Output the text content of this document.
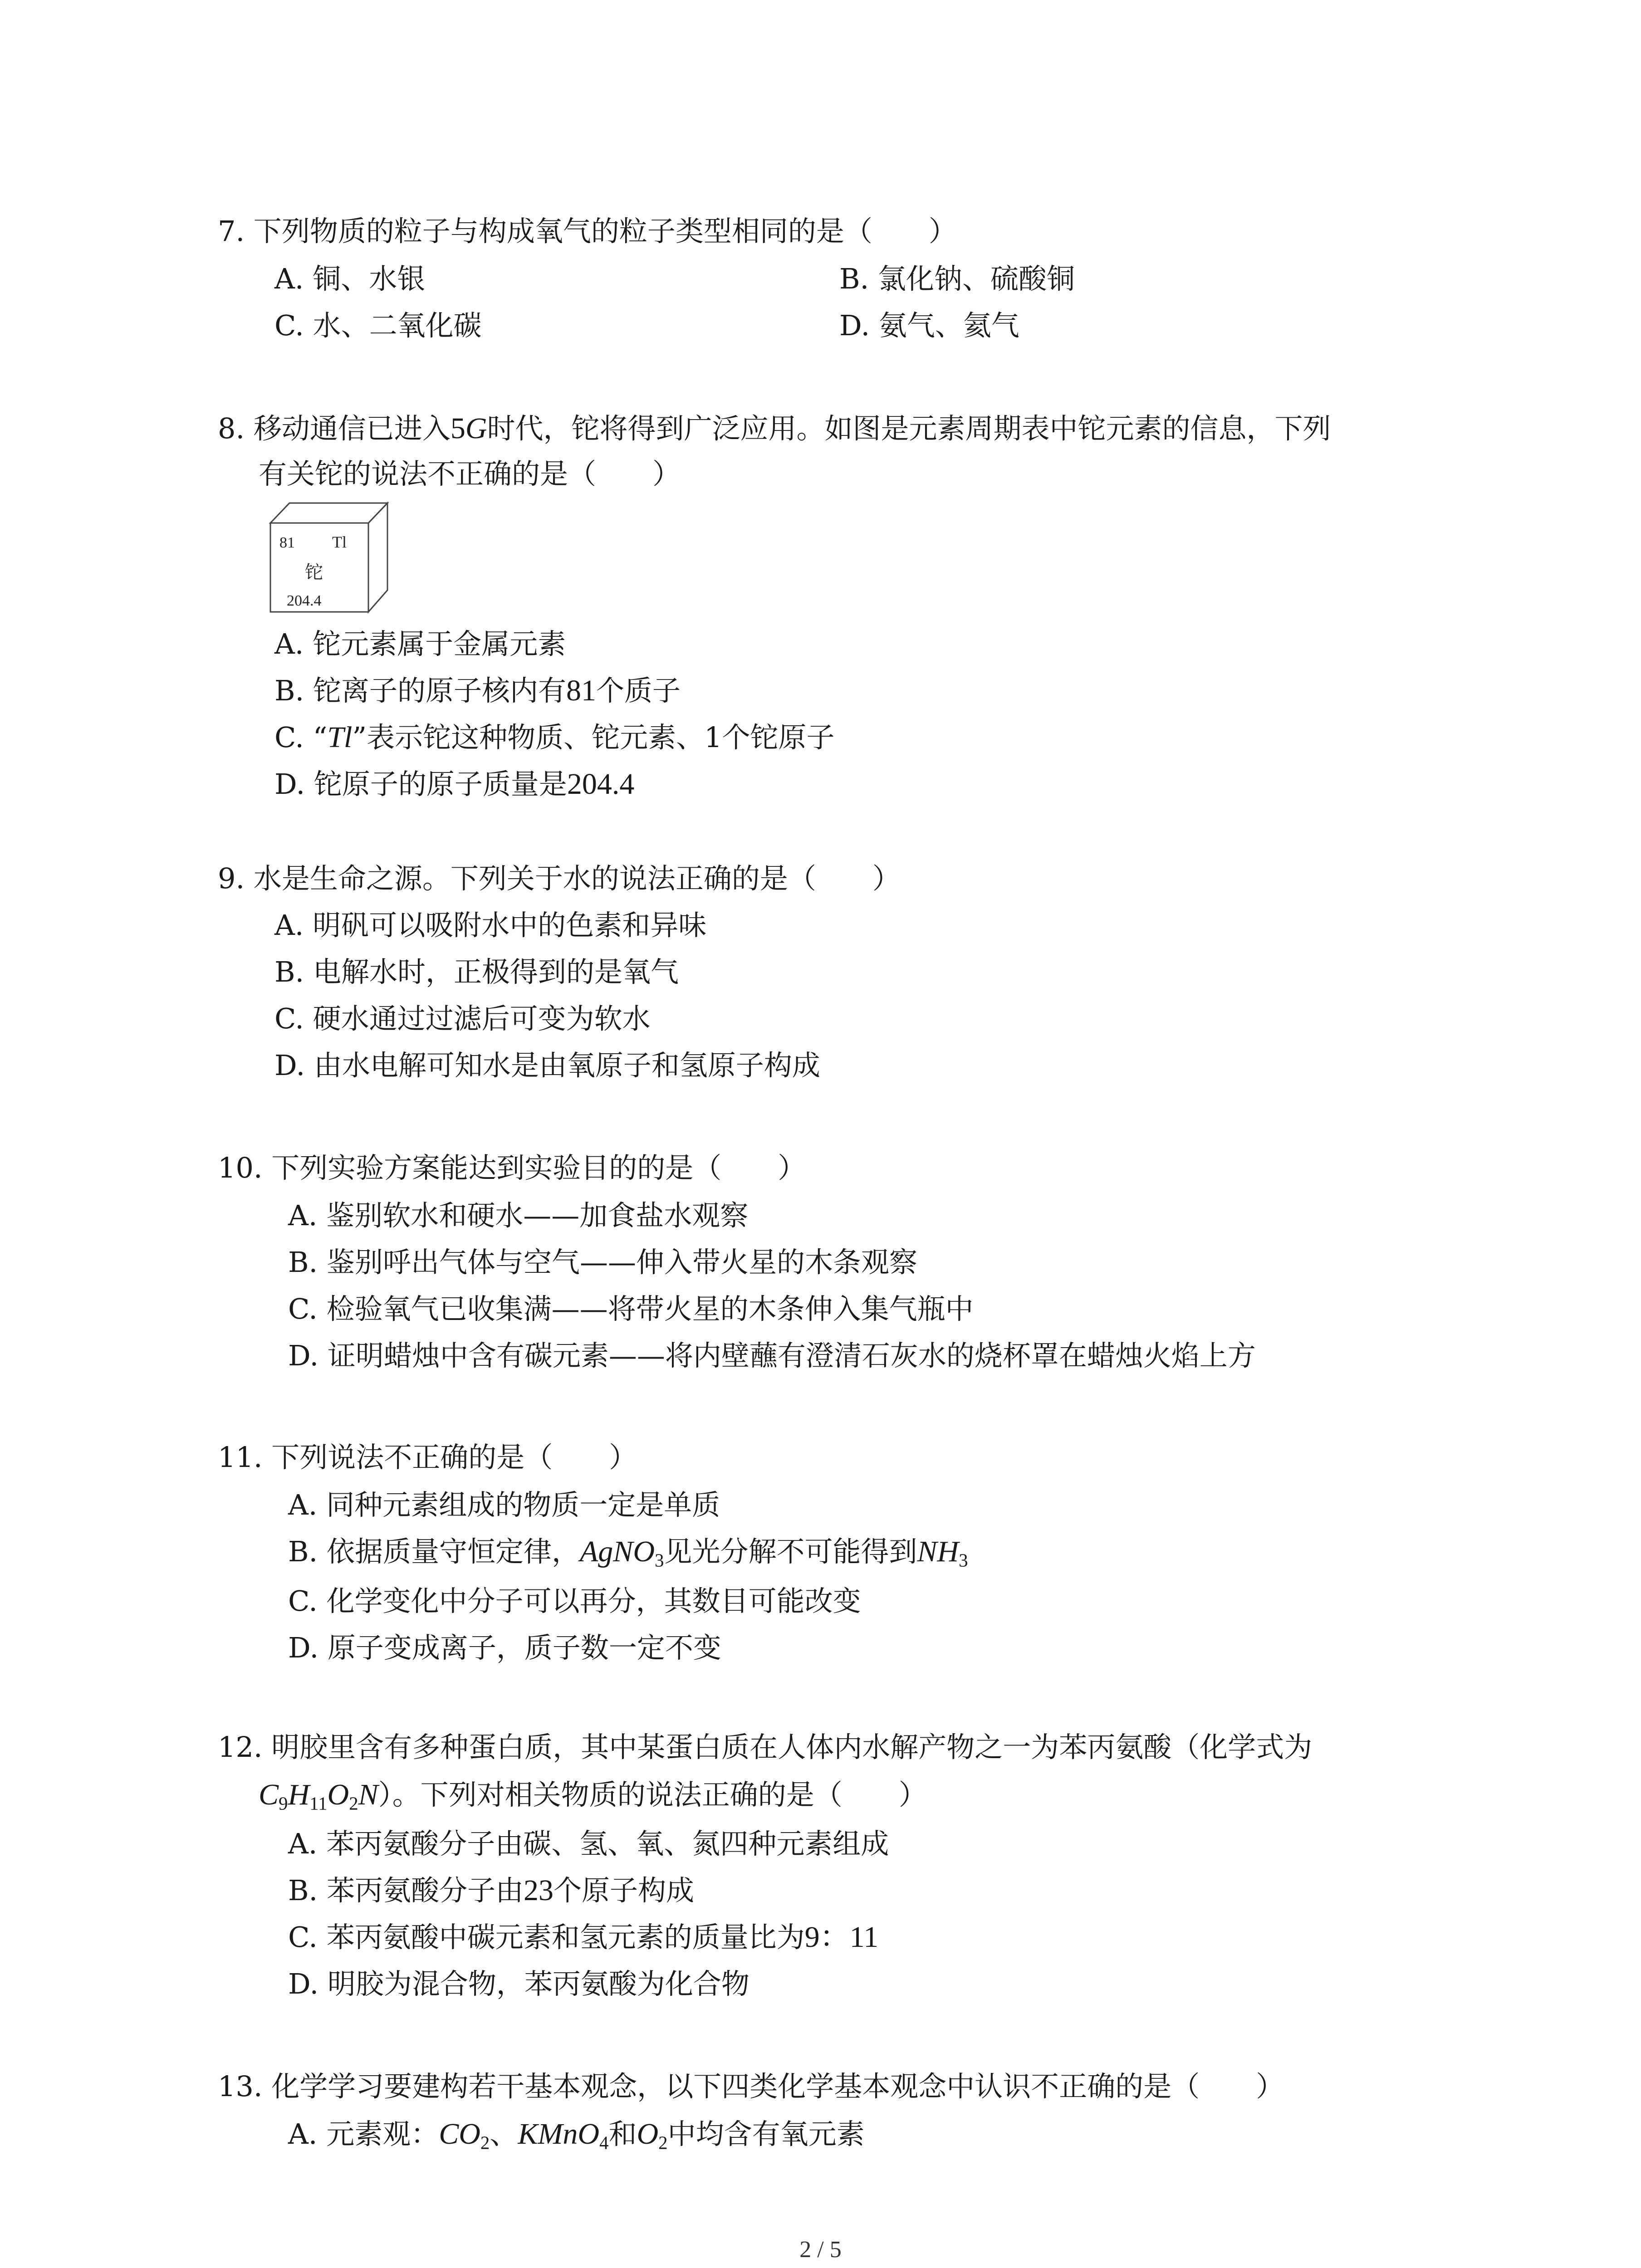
7. 下列物质的粒子与构成氧气的粒子类型相同的是（　　）
A. 铜、水银	B. 氯化钠、硫酸铜
C. 水、二氧化碳	D. 氨气、氦气
8. 移动通信已进入5G时代，铊将得到广泛应用。如图是元素周期表中铊元素的信息，下列
有关铊的说法不正确的是（　　）
81 Tl
铊
204.4
A. 铊元素属于金属元素
B. 铊离子的原子核内有81个质子
C. “Tl”表示铊这种物质、铊元素、1个铊原子
D. 铊原子的原子质量是204.4
9. 水是生命之源。下列关于水的说法正确的是（　　）
A. 明矾可以吸附水中的色素和异味
B. 电解水时，正极得到的是氧气
C. 硬水通过过滤后可变为软水
D. 由水电解可知水是由氧原子和氢原子构成
10. 下列实验方案能达到实验目的的是（　　）
A. 鉴别软水和硬水——加食盐水观察
B. 鉴别呼出气体与空气——伸入带火星的木条观察
C. 检验氧气已收集满——将带火星的木条伸入集气瓶中
D. 证明蜡烛中含有碳元素——将内壁蘸有澄清石灰水的烧杯罩在蜡烛火焰上方
11. 下列说法不正确的是（　　）
A. 同种元素组成的物质一定是单质
B. 依据质量守恒定律，AgNO$_3$见光分解不可能得到$NH_3$
C. 化学变化中分子可以再分，其数目可能改变
D. 原子变成离子，质子数一定不变
12. 明胶里含有多种蛋白质，其中某蛋白质在人体内水解产物之一为苯丙氨酸（化学式为
$C_9H_{11}O_2N$）。下列对相关物质的说法正确的是（　　）
A. 苯丙氨酸分子由碳、氢、氧、氮四种元素组成
B. 苯丙氨酸分子由23个原子构成
C. 苯丙氨酸中碳元素和氢元素的质量比为9：11
D. 明胶为混合物，苯丙氨酸为化合物
13. 化学学习要建构若干基本观念，以下四类化学基本观念中认识不正确的是（　　）
A. 元素观：$CO_2$、KMnO$_4$和$O_2$中均含有氧元素
2 / 5
